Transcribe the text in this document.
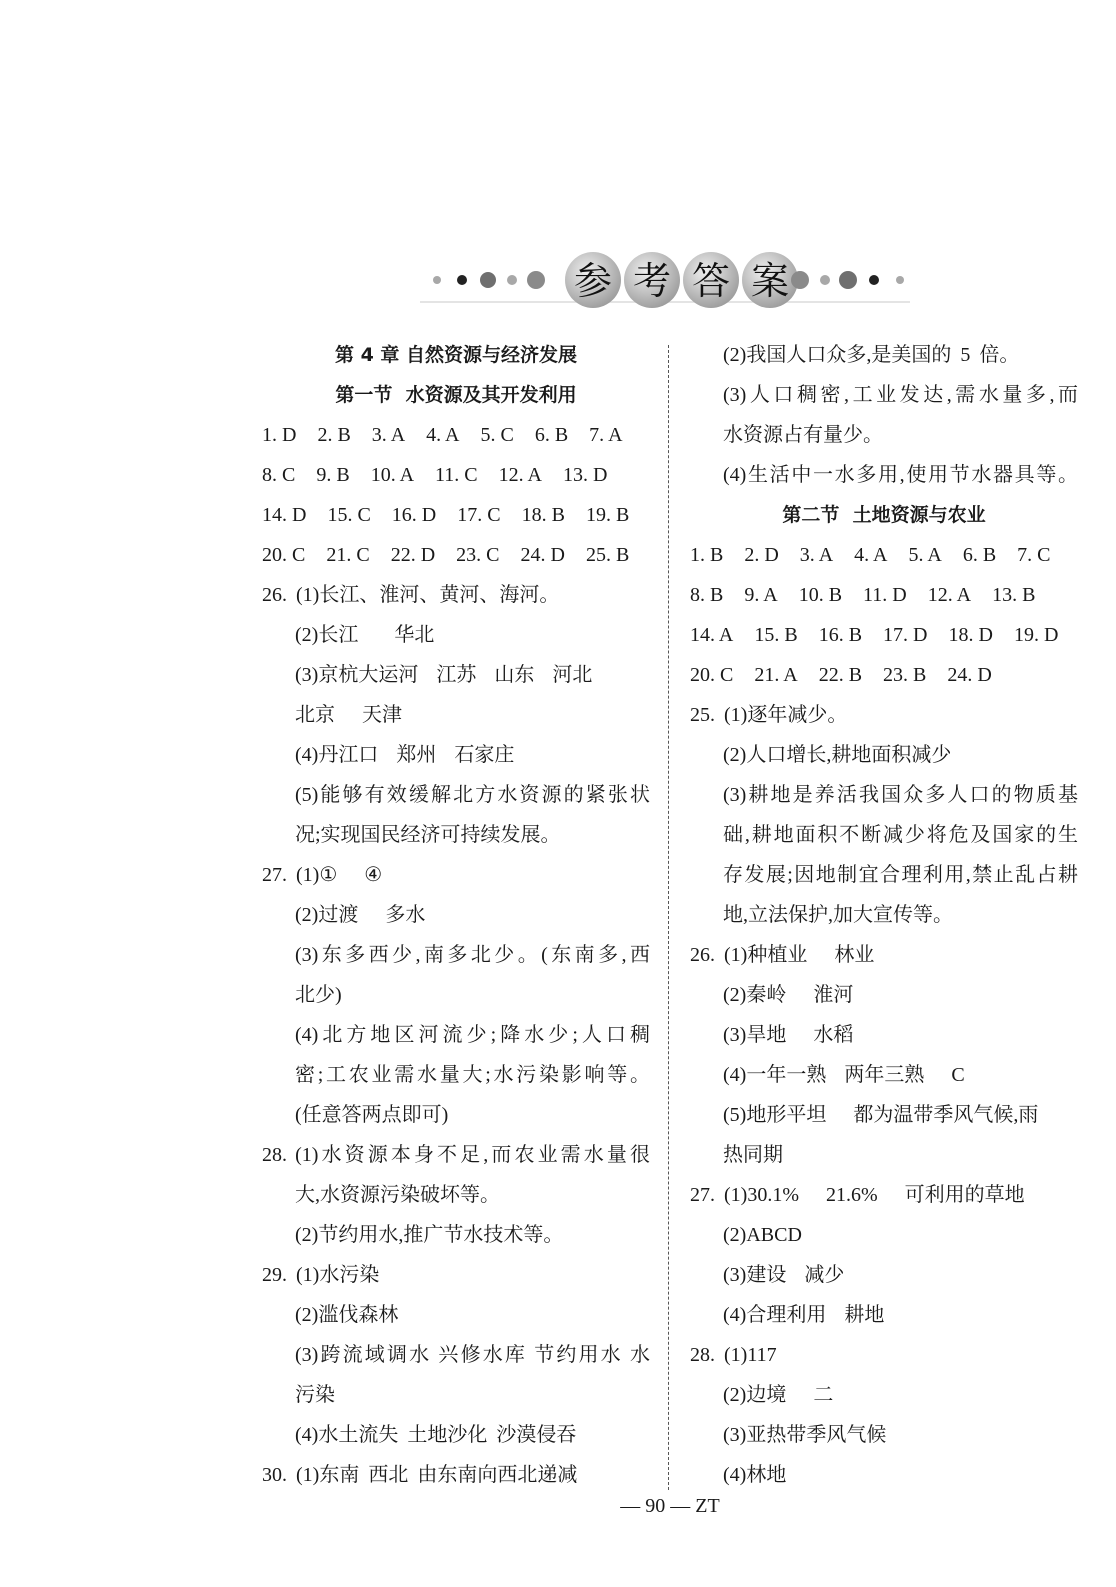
参 考 答 案
第 4 章 自然资源与经济发展
第一节  水资源及其开发利用
1. D 2. B 3. A 4. A 5. C 6. B 7. A
8. C 9. B 10. A 11. C 12. A 13. D
14. D 15. C 16. D 17. C 18. B 19. B
20. C 21. C 22. D 23. C 24. D 25. B
26. (1)长江、淮河、黄河、海河。
(2)长江    华北
(3)京杭大运河  江苏  山东  河北
北京   天津
(4)丹江口  郑州  石家庄
(5)能够有效缓解北方水资源的紧张状
况;实现国民经济可持续发展。
27. (1)①   ④
(2)过渡   多水
(3)东多西少,南多北少。(东南多,西
北少)
(4)北方地区河流少;降水少;人口稠
密;工农业需水量大;水污染影响等。
(任意答两点即可)
28. (1)水资源本身不足,而农业需水量很
大,水资源污染破坏等。
(2)节约用水,推广节水技术等。
29. (1)水污染
(2)滥伐森林
(3)跨流域调水 兴修水库 节约用水 水
污染
(4)水土流失 土地沙化 沙漠侵吞
30. (1)东南 西北 由东南向西北递减
(2)我国人口众多,是美国的 5 倍。
(3)人口稠密,工业发达,需水量多,而
水资源占有量少。
(4)生活中一水多用,使用节水器具等。
第二节  土地资源与农业
1. B 2. D 3. A 4. A 5. A 6. B 7. C
8. B 9. A 10. B 11. D 12. A 13. B
14. A 15. B 16. B 17. D 18. D 19. D
20. C 21. A 22. B 23. B 24. D
25. (1)逐年减少。
(2)人口增长,耕地面积减少
(3)耕地是养活我国众多人口的物质基
础,耕地面积不断减少将危及国家的生
存发展;因地制宜合理利用,禁止乱占耕
地,立法保护,加大宣传等。
26. (1)种植业   林业
(2)秦岭   淮河
(3)旱地   水稻
(4)一年一熟  两年三熟   C
(5)地形平坦   都为温带季风气候,雨
热同期
27. (1)30.1%   21.6%   可利用的草地
(2)ABCD
(3)建设  减少
(4)合理利用  耕地
28. (1)117
(2)边境   二
(3)亚热带季风气候
(4)林地
— 90 — ZT
